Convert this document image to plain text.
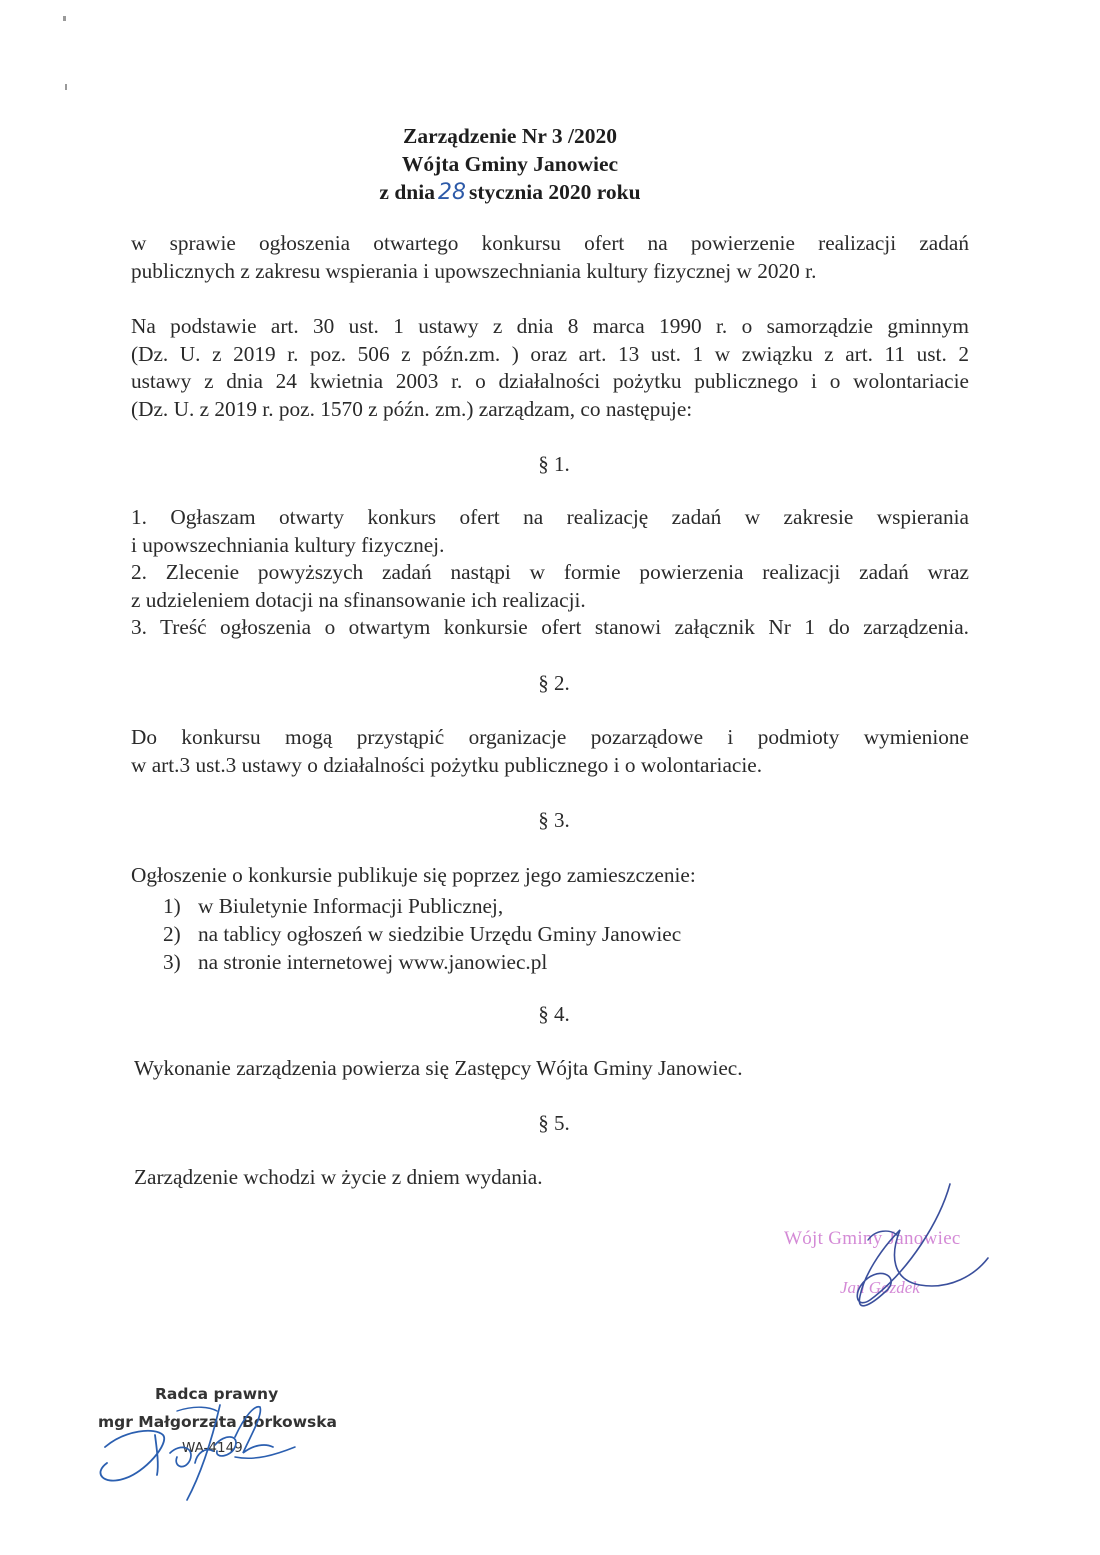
Zarządzenie Nr 3 /2020
Wójta Gminy Janowiec
z dnia 28 stycznia 2020 roku
w sprawie ogłoszenia otwartego konkursu ofert na powierzenie realizacji zadań
publicznych z zakresu wspierania i upowszechniania kultury fizycznej w 2020 r.
Na podstawie art. 30 ust. 1 ustawy z dnia 8 marca 1990 r. o samorządzie gminnym
(Dz. U. z 2019 r. poz. 506 z późn.zm. ) oraz art. 13 ust. 1 w związku z art. 11 ust. 2
ustawy z dnia 24 kwietnia 2003 r. o działalności pożytku publicznego i o wolontariacie
(Dz. U. z 2019 r. poz. 1570 z późn. zm.) zarządzam, co następuje:
§ 1.
1. Ogłaszam otwarty konkurs ofert na realizację zadań w zakresie wspierania
i upowszechniania kultury fizycznej.
2. Zlecenie powyższych zadań nastąpi w formie powierzenia realizacji zadań wraz
z udzieleniem dotacji na sfinansowanie ich realizacji.
3. Treść ogłoszenia o otwartym konkursie ofert stanowi załącznik Nr 1 do zarządzenia.
§ 2.
Do konkursu mogą przystąpić organizacje pozarządowe i podmioty wymienione
w art.3 ust.3 ustawy o działalności pożytku publicznego i o wolontariacie.
§ 3.
Ogłoszenie o konkursie publikuje się poprzez jego zamieszczenie:
1) w Biuletynie Informacji Publicznej,
2) na tablicy ogłoszeń w siedzibie Urzędu Gminy Janowiec
3) na stronie internetowej www.janowiec.pl
§ 4.
Wykonanie zarządzenia powierza się Zastępcy Wójta Gminy Janowiec.
§ 5.
Zarządzenie wchodzi w życie z dniem wydania.
Wójt Gminy Janowiec
Jan Gozdek
Radca prawny
mgr Małgorzata Borkowska
WA-4149
